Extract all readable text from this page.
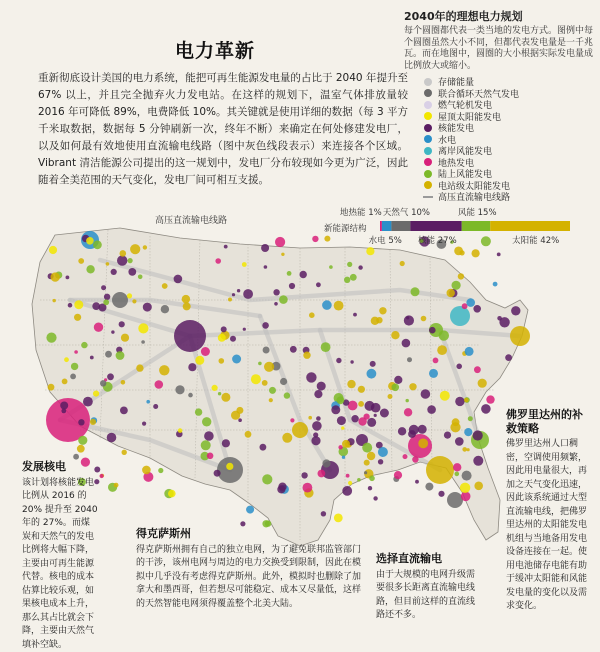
电力革新
重新彻底设计美国的电力系统，能把可再生能源发电量的占比于 2040 年提升至 67% 以上，并且完全抛弃火力发电站。在这样的规划下，温室气体排放量较 2016 年可降低 89%，电费降低 10%。其关键就是使用详细的数据（每 3 平方千米取数据，数据每 5 分钟刷新一次，终年不断）来确定在何处修建发电厂，以及如何最有效地使用直流输电线路（图中灰色线段表示）来连接各个区域。Vibrant 清洁能源公司提出的这一规划中，发电厂分布较现如今更为广泛，因此随着全美范围的天气变化，发电厂间可相互支援。
2040年的理想电力规划
每个圆圈都代表一类当地的发电方式。图例中每个圆圈虽然大小不同，但都代表发电量是一千兆瓦。而在地图中，圆圈的大小根据实际发电量成比例放大或缩小。
存储能量
联合循环天然气发电
燃气轮机发电
屋顶太阳能发电
核能发电
水电
离岸风能发电
地热发电
陆上风能发电
电站级太阳能发电
高压直流输电线路
高压直流输电线路
地热能 1%
水电 5%
天然气 10%
核能 27%
风能 15%
太阳能 42%
新能源结构
发展核电

该计划将核能发电比例从 2016 的 20% 提升至 2040 年的 27%。而煤炭和天然气的发电比例将大幅下降，主要由可再生能源代替。核电的成本估算比较乐观，如果核电成本上升，那么其占比就会下降，主要由天然气填补空缺。

得克萨斯州

得克萨斯州拥有自己的独立电网，为了避免联邦监管部门的干涉，该州电网与周边的电力交换受到限制，因此在模拟中几乎没有考虑得克萨斯州。此外，模拟时也删除了加拿大和墨西哥，但若想尽可能稳定、成本又尽量低，这样的天然智能电网须得覆盖整个北美大陆。

选择直流输电

由于大规模的电网升级需要很多长距离直流输电线路，但目前这样的直流线路还不多。

佛罗里达州的补救策略

佛罗里达州人口稠密，空调使用频繁，因此用电量很大，再加之天气变化迅速，因此该系统通过大型直流输电线，把佛罗里达州的太阳能发电机组与当地备用发电设备连接在一起。使用电池储存电能有助于缓冲太阳能和风能发电量的变化以及需求变化。
